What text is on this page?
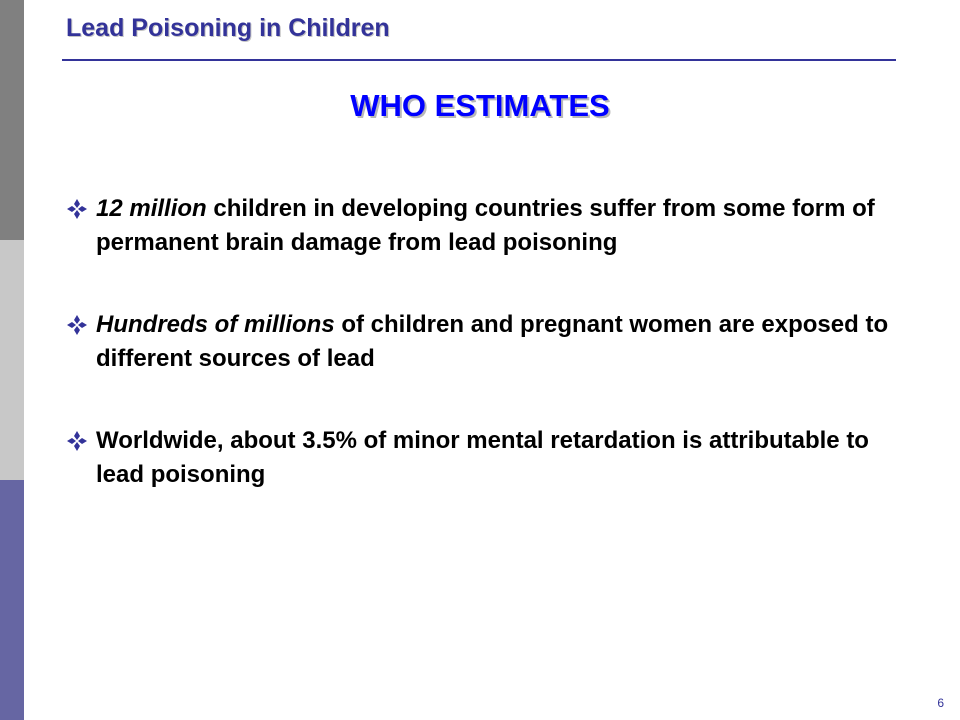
Lead Poisoning in Children
WHO ESTIMATES
12 million children in developing countries suffer from some form of permanent brain damage from lead poisoning
Hundreds of millions of children and pregnant women are exposed to different sources of lead
Worldwide, about 3.5% of minor mental retardation is attributable to lead poisoning
6
